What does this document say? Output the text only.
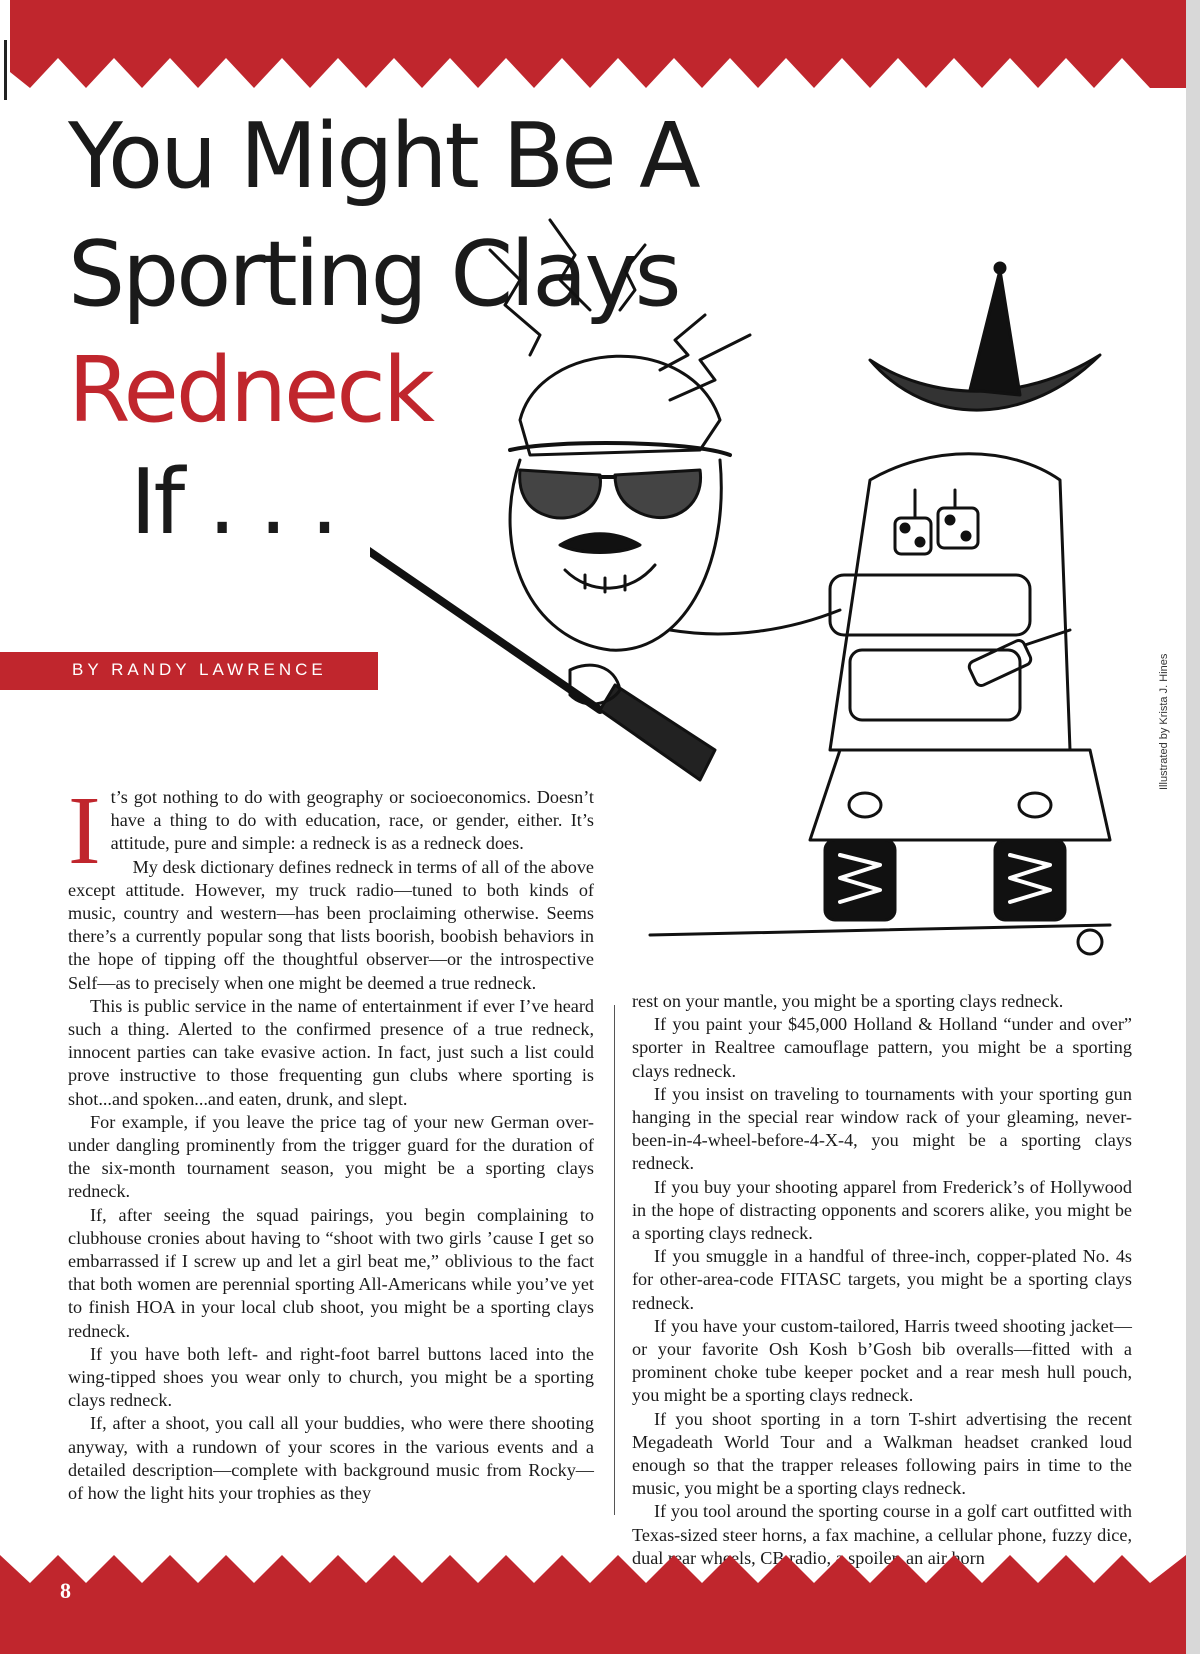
You Might Be A
Sporting Clays
Redneck
If . . .
BY RANDY LAWRENCE	Illustrated by Krista J. Hines

It’s got nothing to do with geography or socioeconomics. Doesn’t have a thing to do with education, race, or gender, either. It’s attitude, pure and simple: a redneck is as a redneck does.

My desk dictionary defines redneck in terms of all of the above except attitude. However, my truck radio—tuned to both kinds of music, country and western—has been proclaiming otherwise. Seems there’s a currently popular song that lists boorish, boobish behaviors in the hope of tipping off the thoughtful observer—or the introspective Self—as to precisely when one might be deemed a true redneck.

This is public service in the name of entertainment if ever I’ve heard such a thing. Alerted to the confirmed presence of a true redneck, innocent parties can take evasive action. In fact, just such a list could prove instructive to those frequenting gun clubs where sporting is shot...and spoken...and eaten, drunk, and slept.

For example, if you leave the price tag of your new German over-under dangling prominently from the trigger guard for the duration of the six-month tournament season, you might be a sporting clays redneck.

If, after seeing the squad pairings, you begin complaining to clubhouse cronies about having to “shoot with two girls ’cause I get so embarrassed if I screw up and let a girl beat me,” oblivious to the fact that both women are perennial sporting All-Americans while you’ve yet to finish HOA in your local club shoot, you might be a sporting clays redneck.

If you have both left- and right-foot barrel buttons laced into the wing-tipped shoes you wear only to church, you might be a sporting clays redneck.

If, after a shoot, you call all your buddies, who were there shooting anyway, with a rundown of your scores in the various events and a detailed description—complete with background music from Rocky—of how the light hits your trophies as they

rest on your mantle, you might be a sporting clays redneck.

If you paint your $45,000 Holland & Holland “under and over” sporter in Realtree camouflage pattern, you might be a sporting clays redneck.

If you insist on traveling to tournaments with your sporting gun hanging in the special rear window rack of your gleaming, never-been-in-4-wheel-before-4-X-4, you might be a sporting clays redneck.

If you buy your shooting apparel from Frederick’s of Hollywood in the hope of distracting opponents and scorers alike, you might be a sporting clays redneck.

If you smuggle in a handful of three-inch, copper-plated No. 4s for other-area-code FITASC targets, you might be a sporting clays redneck.

If you have your custom-tailored, Harris tweed shooting jacket—or your favorite Osh Kosh b’Gosh bib overalls—fitted with a prominent choke tube keeper pocket and a rear mesh hull pouch, you might be a sporting clays redneck.

If you shoot sporting in a torn T-shirt advertising the recent Megadeath World Tour and a Walkman headset cranked loud enough so that the trapper releases following pairs in time to the music, you might be a sporting clays redneck.

If you tool around the sporting course in a golf cart outfitted with Texas-sized steer horns, a fax machine, a cellular phone, fuzzy dice, dual rear wheels, CB radio, a spoiler, an air horn

8
